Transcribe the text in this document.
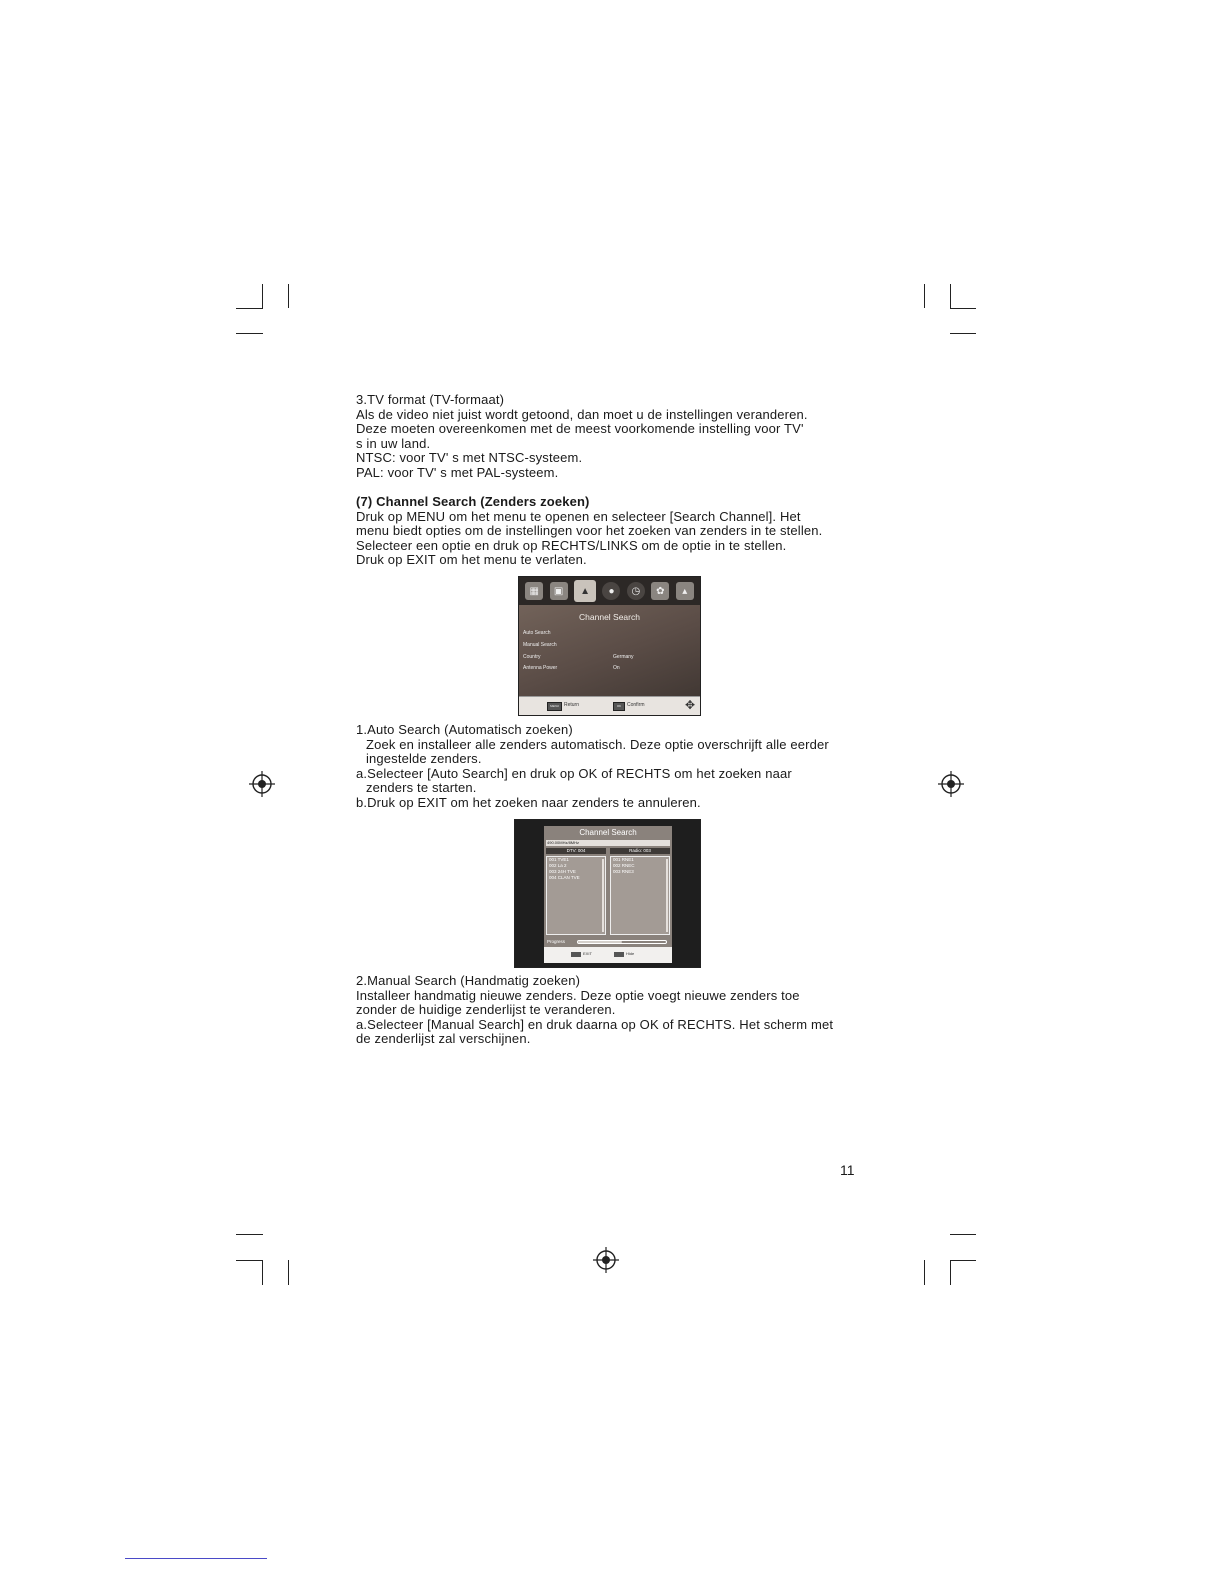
3.TV format (TV-formaat)

Als de video niet juist wordt getoond, dan moet u de instellingen veranderen.

Deze moeten overeenkomen met de meest voorkomende instelling voor TV'

s in uw land.

NTSC: voor TV' s met NTSC-systeem.

PAL: voor TV' s met PAL-systeem.

(7) Channel Search (Zenders zoeken)

Druk op MENU om het menu te openen en selecteer [Search Channel]. Het

menu biedt opties om de instellingen voor het zoeken van zenders in te stellen.

Selecteer een optie en druk op RECHTS/LINKS om de optie in te stellen.

Druk op EXIT om het menu te verlaten.

▦	▣	▲	●	◷	✿	▴
Channel Search
Auto Search
Manual Search
Country	Germany
Antenna Power	On
MENU	Return	OK	Confirm	✥

1.Auto Search (Automatisch zoeken)

Zoek en installeer alle zenders automatisch. Deze optie overschrijft alle eerder

ingestelde zenders.

a.Selecteer [Auto Search] en druk op OK of RECHTS om het zoeken naar

zenders te starten.

b.Druk op EXIT om het zoeken naar zenders te annuleren.

Channel Search
490.00MHz/8MHz
DTV: 004	Radio: 003
001 TVE1
002 La 2
003 24H TVE
004 CLAN TVE
001 RNE1
002 RNEC
003 RNE3
Progress
EXIT	Hide

2.Manual Search (Handmatig zoeken)

Installeer handmatig nieuwe zenders. Deze optie voegt nieuwe zenders toe

zonder de huidige zenderlijst te veranderen.

a.Selecteer [Manual Search] en druk daarna op OK of RECHTS. Het scherm met

de zenderlijst zal verschijnen.

11
